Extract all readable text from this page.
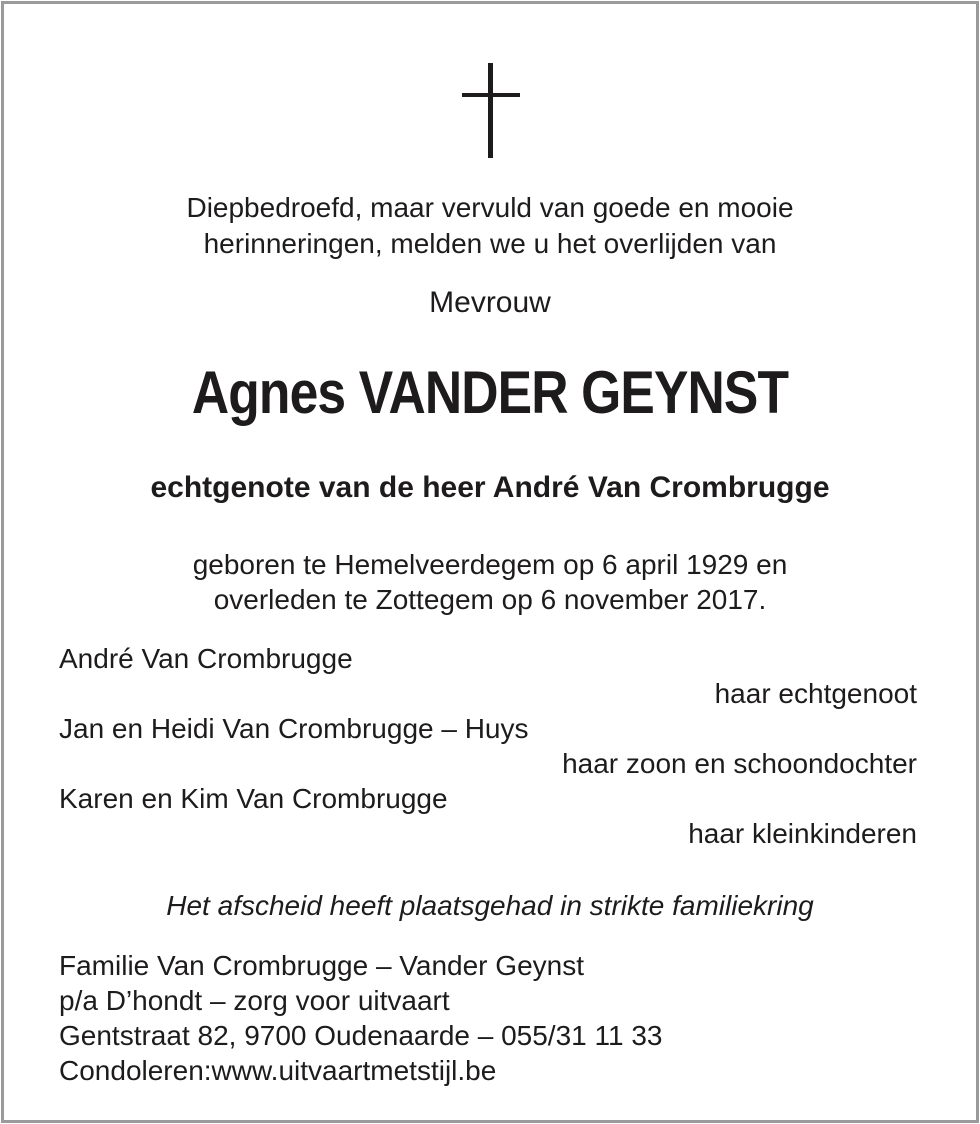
Diepbedroefd, maar vervuld van goede en mooie
herinneringen, melden we u het overlijden van
Mevrouw
Agnes VANDER GEYNST
echtgenote van de heer André Van Crombrugge
geboren te Hemelveerdegem op 6 april 1929 en
overleden te Zottegem op 6 november 2017.
André Van Crombrugge
haar echtgenoot
Jan en Heidi Van Crombrugge – Huys
haar zoon en schoondochter
Karen en Kim Van Crombrugge
haar kleinkinderen
Het afscheid heeft plaatsgehad in strikte familiekring
Familie Van Crombrugge – Vander Geynst
p/a D’hondt – zorg voor uitvaart
Gentstraat 82, 9700 Oudenaarde – 055/31 11 33
Condoleren:www.uitvaartmetstijl.be
